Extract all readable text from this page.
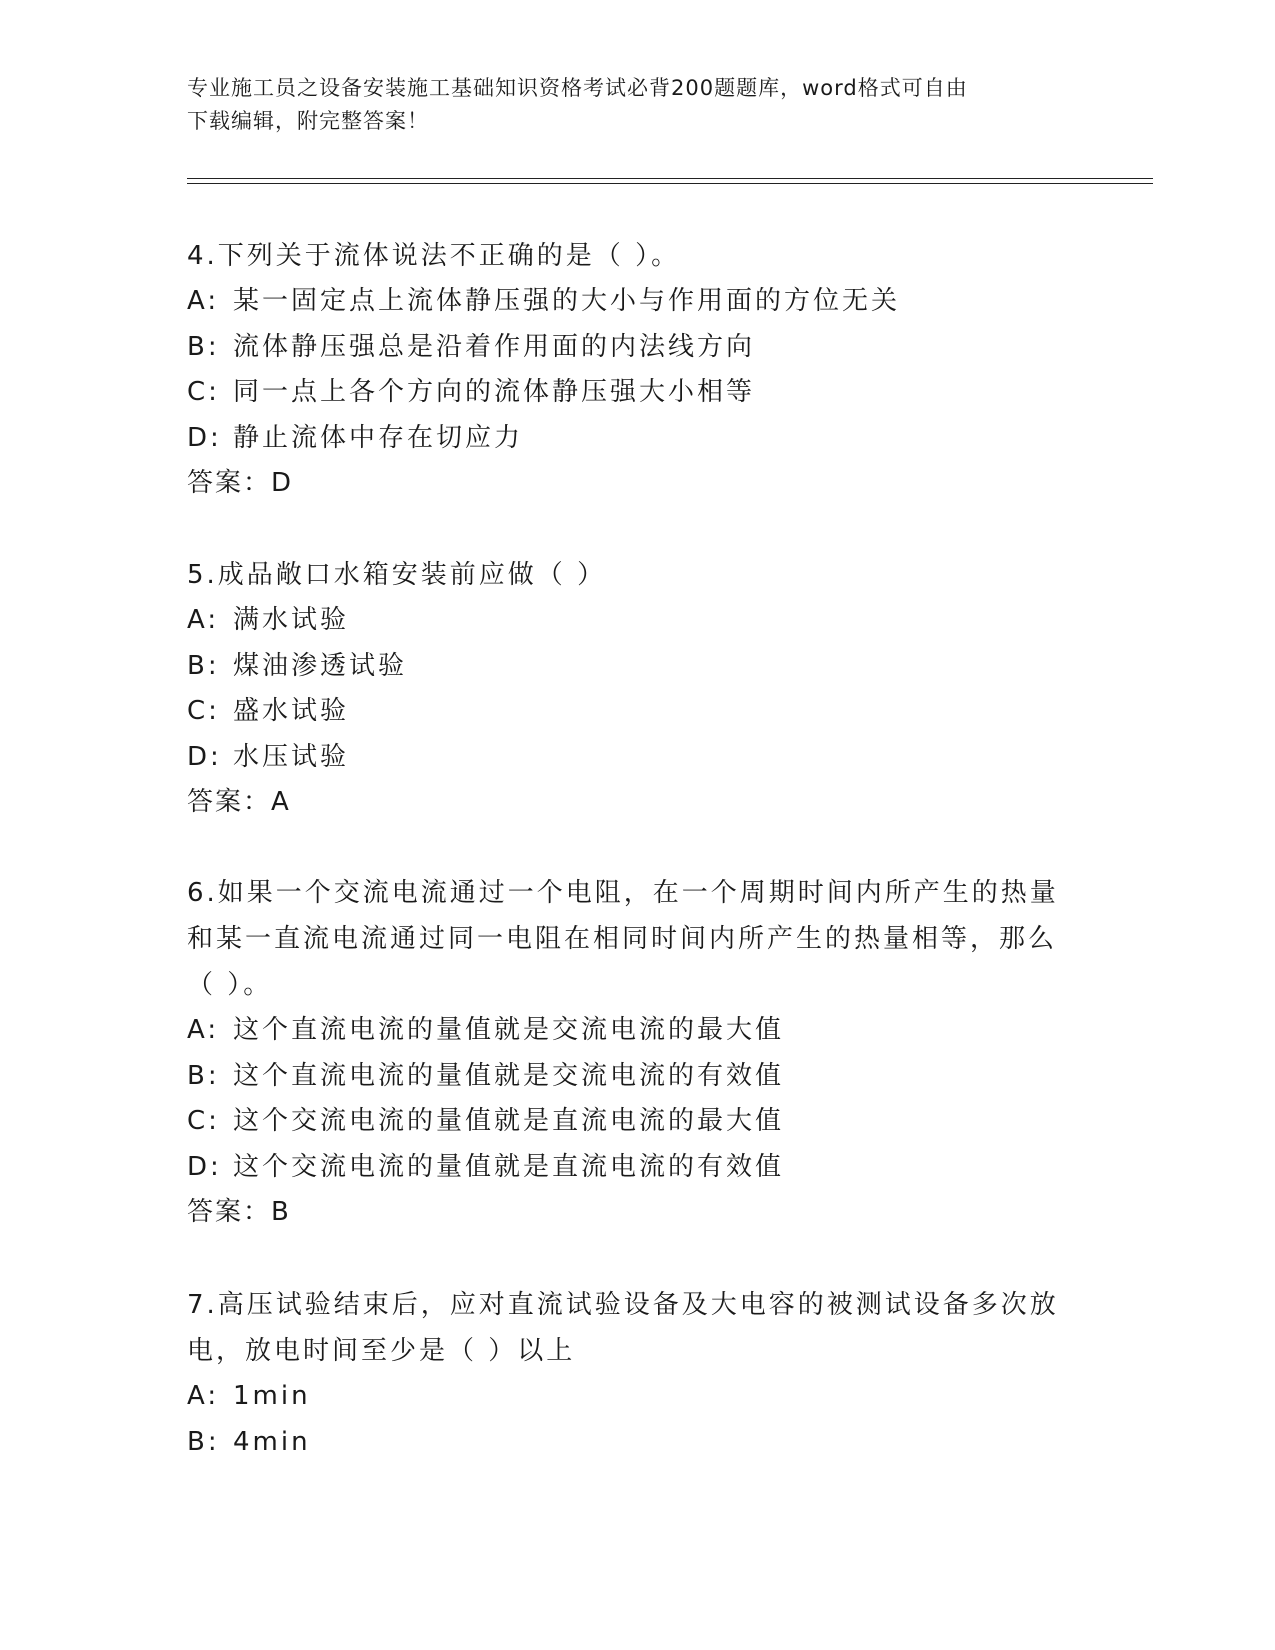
专业施工员之设备安装施工基础知识资格考试必背200题题库，word格式可自由
下载编辑，附完整答案！
4.下列关于流体说法不正确的是（ ）。
A: 某一固定点上流体静压强的大小与作用面的方位无关
B: 流体静压强总是沿着作用面的内法线方向
C: 同一点上各个方向的流体静压强大小相等
D: 静止流体中存在切应力
答案：D
5.成品敞口水箱安装前应做（ ）
A: 满水试验
B: 煤油渗透试验
C: 盛水试验
D: 水压试验
答案：A
6.如果一个交流电流通过一个电阻，在一个周期时间内所产生的热量和某一直流电流通过同一电阻在相同时间内所产生的热量相等，那么（ ）。
A: 这个直流电流的量值就是交流电流的最大值
B: 这个直流电流的量值就是交流电流的有效值
C: 这个交流电流的量值就是直流电流的最大值
D: 这个交流电流的量值就是直流电流的有效值
答案：B
7.高压试验结束后，应对直流试验设备及大电容的被测试设备多次放电，放电时间至少是（ ）以上
A: 1min
B: 4min
